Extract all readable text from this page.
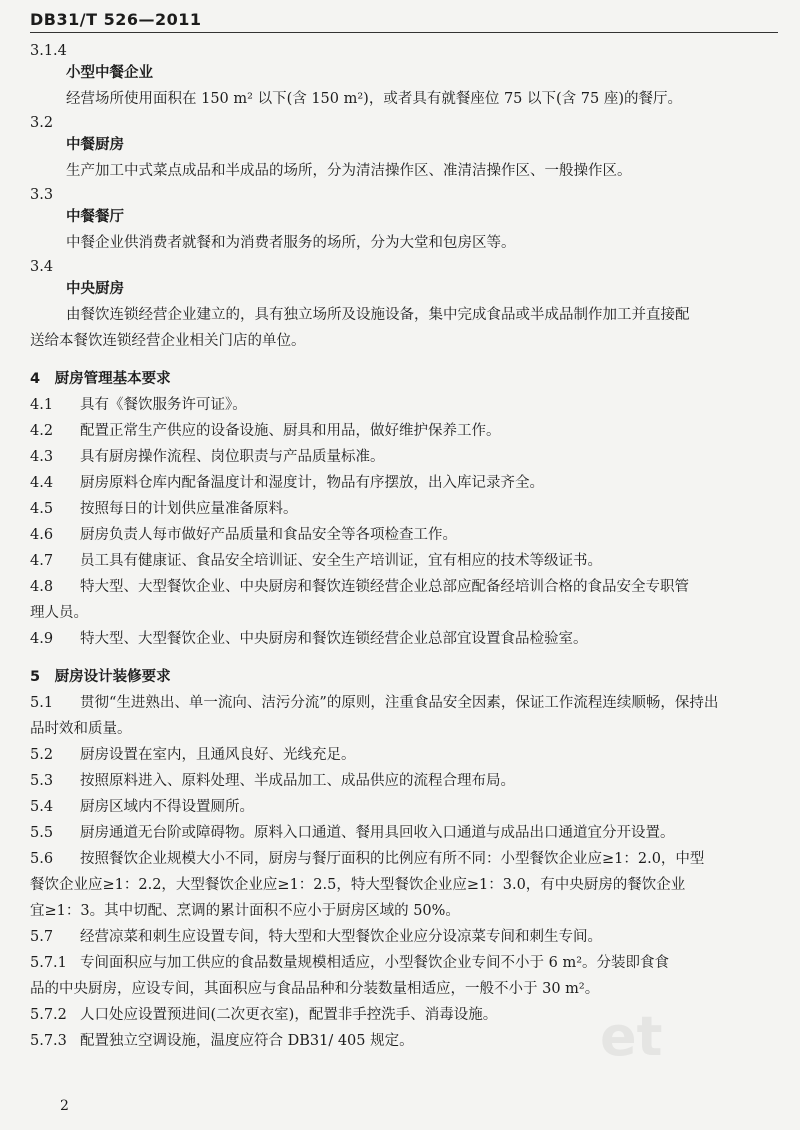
DB31/T 526—2011
3.1.4
小型中餐企业
经营场所使用面积在 150 m² 以下(含 150 m²)，或者具有就餐座位 75 以下(含 75 座)的餐厅。
3.2
中餐厨房
生产加工中式菜点成品和半成品的场所，分为清洁操作区、准清洁操作区、一般操作区。
3.3
中餐餐厅
中餐企业供消费者就餐和为消费者服务的场所，分为大堂和包房区等。
3.4
中央厨房
由餐饮连锁经营企业建立的，具有独立场所及设施设备，集中完成食品或半成品制作加工并直接配
送给本餐饮连锁经营企业相关门店的单位。
4　厨房管理基本要求
4.1	具有《餐饮服务许可证》。
4.2	配置正常生产供应的设备设施、厨具和用品，做好维护保养工作。
4.3	具有厨房操作流程、岗位职责与产品质量标准。
4.4	厨房原料仓库内配备温度计和湿度计，物品有序摆放，出入库记录齐全。
4.5	按照每日的计划供应量准备原料。
4.6	厨房负责人每市做好产品质量和食品安全等各项检查工作。
4.7	员工具有健康证、食品安全培训证、安全生产培训证，宜有相应的技术等级证书。
4.8	特大型、大型餐饮企业、中央厨房和餐饮连锁经营企业总部应配备经培训合格的食品安全专职管
理人员。
4.9	特大型、大型餐饮企业、中央厨房和餐饮连锁经营企业总部宜设置食品检验室。
5　厨房设计装修要求
5.1	贯彻“生进熟出、单一流向、洁污分流”的原则，注重食品安全因素，保证工作流程连续顺畅，保持出
品时效和质量。
5.2	厨房设置在室内，且通风良好、光线充足。
5.3	按照原料进入、原料处理、半成品加工、成品供应的流程合理布局。
5.4	厨房区域内不得设置厕所。
5.5	厨房通道无台阶或障碍物。原料入口通道、餐用具回收入口通道与成品出口通道宜分开设置。
5.6	按照餐饮企业规模大小不同，厨房与餐厅面积的比例应有所不同：小型餐饮企业应≥1：2.0，中型
餐饮企业应≥1：2.2，大型餐饮企业应≥1：2.5，特大型餐饮企业应≥1：3.0，有中央厨房的餐饮企业
宜≥1：3。其中切配、烹调的累计面积不应小于厨房区域的 50%。
5.7	经营凉菜和刺生应设置专间，特大型和大型餐饮企业应分设凉菜专间和刺生专间。
5.7.1 专间面积应与加工供应的食品数量规模相适应，小型餐饮企业专间不小于 6 m²。分装即食食
品的中央厨房，应设专间，其面积应与食品品种和分装数量相适应，一般不小于 30 m²。
5.7.2 人口处应设置预进间(二次更衣室)，配置非手控洗手、消毒设施。
5.7.3 配置独立空调设施，温度应符合 DB31/ 405 规定。	et
2
